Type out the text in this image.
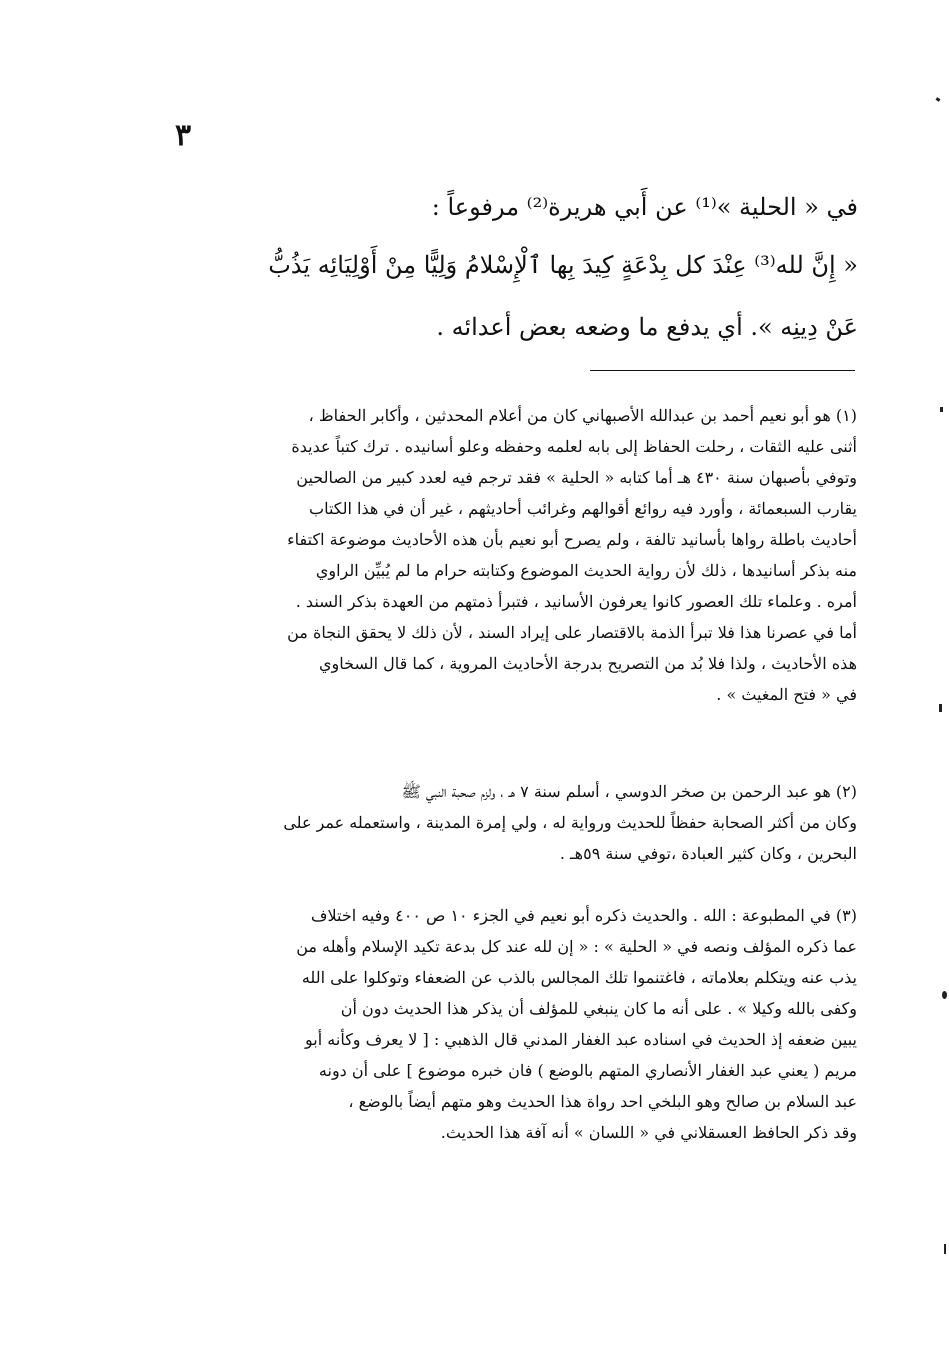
٣
في « الحلية »⁽¹⁾ عن أَبي هريرة⁽²⁾ مرفوعاً :
« إِنَّ لله⁽³⁾ عِنْدَ كل بِدْعَةٍ كِيدَ بِها ٱلْإِسْلامُ وَلِيًّا مِنْ أَوْلِيَائِه يَذُبُّ
عَنْ دِينِه ». أي يدفع ما وضعه بعض أعدائه .
(١) هو أبو نعيم أحمد بن عبدالله الأصبهاني كان من أعلام المحدثين ، وأكابر الحفاظ ،
أثنى عليه الثقات ، رحلت الحفاظ إلى بابه لعلمه وحفظه وعلو أسانيده . ترك كتباً عديدة
وتوفي بأصبهان سنة ٤٣٠ هـ أما كتابه « الحلية » فقد ترجم فيه لعدد كبير من الصالحين
يقارب السبعمائة ، وأورد فيه روائع أقوالهم وغرائب أحاديثهم ، غير أن في هذا الكتاب
أحاديث باطلة رواها بأسانيد تالفة ، ولم يصرح أبو نعيم بأن هذه الأحاديث موضوعة اكتفاء
منه بذكر أسانيدها ، ذلك لأن رواية الحديث الموضوع وكتابته حرام ما لم يُبيِّن الراوي
أمره . وعلماء تلك العصور كانوا يعرفون الأسانيد ، فتبرأ ذمتهم من العهدة بذكر السند .
أما في عصرنا هذا فلا تبرأ الذمة بالاقتصار على إيراد السند ، لأن ذلك لا يحقق النجاة من
هذه الأحاديث ، ولذا فلا بُد من التصريح بدرجة الأحاديث المروية ، كما قال السخاوي
في « فتح المغيث » .
(٢) هو عبد الرحمن بن صخر الدوسي ، أسلم سنة ٧ هـ ، ولزم صحبة النبي ﷺ
وكان من أكثر الصحابة حفظاً للحديث ورواية له ، ولي إمرة المدينة ، واستعمله عمر على
البحرين ، وكان كثير العبادة ،توفي سنة ٥٩هـ .
(٣) في المطبوعة : الله . والحديث ذكره أبو نعيم في الجزء ١٠ ص ٤٠٠ وفيه اختلاف
عما ذكره المؤلف ونصه في « الحلية » : « إن لله عند كل بدعة تكيد الإسلام وأهله من
يذب عنه ويتكلم بعلاماته ، فاغتنموا تلك المجالس بالذب عن الضعفاء وتوكلوا على الله
وكفى بالله وكيلا » . على أنه ما كان ينبغي للمؤلف أن يذكر هذا الحديث دون أن
يبين ضعفه إذ الحديث في اسناده عبد الغفار المدني قال الذهبي : [ لا يعرف وكأنه أبو
مريم ( يعني عبد الغفار الأنصاري المتهم بالوضع ) فان خبره موضوع ] على أن دونه
عبد السلام بن صالح وهو البلخي احد رواة هذا الحديث وهو متهم أيضاً بالوضع ،
وقد ذكر الحافظ العسقلاني في « اللسان » أنه آفة هذا الحديث.
